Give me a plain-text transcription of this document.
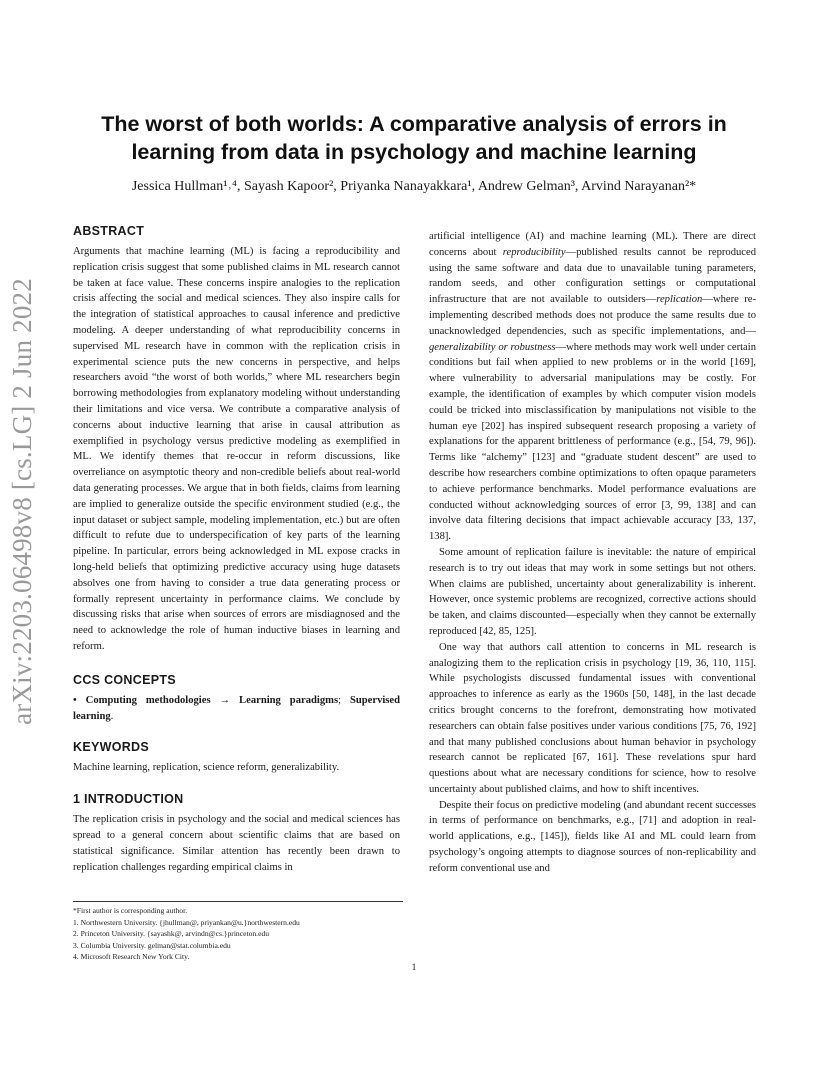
arXiv:2203.06498v8 [cs.LG] 2 Jun 2022
The worst of both worlds: A comparative analysis of errors in learning from data in psychology and machine learning
Jessica Hullman¹˒⁴, Sayash Kapoor², Priyanka Nanayakkara¹, Andrew Gelman³, Arvind Narayanan²*
ABSTRACT

Arguments that machine learning (ML) is facing a reproducibility and replication crisis suggest that some published claims in ML research cannot be taken at face value. These concerns inspire analogies to the replication crisis affecting the social and medical sciences. They also inspire calls for the integration of statistical approaches to causal inference and predictive modeling. A deeper understanding of what reproducibility concerns in supervised ML research have in common with the replication crisis in experimental science puts the new concerns in perspective, and helps researchers avoid “the worst of both worlds,” where ML researchers begin borrowing methodologies from explanatory modeling without understanding their limitations and vice versa. We contribute a comparative analysis of concerns about inductive learning that arise in causal attribution as exemplified in psychology versus predictive modeling as exemplified in ML. We identify themes that re-occur in reform discussions, like overreliance on asymptotic theory and non-credible beliefs about real-world data generating processes. We argue that in both fields, claims from learning are implied to generalize outside the specific environment studied (e.g., the input dataset or subject sample, modeling implementation, etc.) but are often difficult to refute due to underspecification of key parts of the learning pipeline. In particular, errors being acknowledged in ML expose cracks in long-held beliefs that optimizing predictive accuracy using huge datasets absolves one from having to consider a true data generating process or formally represent uncertainty in performance claims. We conclude by discussing risks that arise when sources of errors are misdiagnosed and the need to acknowledge the role of human inductive biases in learning and reform.

CCS CONCEPTS

• Computing methodologies → Learning paradigms; Supervised learning.

KEYWORDS

Machine learning, replication, science reform, generalizability.

1 INTRODUCTION

The replication crisis in psychology and the social and medical sciences has spread to a general concern about scientific claims that are based on statistical significance. Similar attention has recently been drawn to replication challenges regarding empirical claims in

artificial intelligence (AI) and machine learning (ML). There are direct concerns about reproducibility—published results cannot be reproduced using the same software and data due to unavailable tuning parameters, random seeds, and other configuration settings or computational infrastructure that are not available to outsiders—replication—where re-implementing described methods does not produce the same results due to unacknowledged dependencies, such as specific implementations, and—generalizability or robustness—where methods may work well under certain conditions but fail when applied to new problems or in the world [169], where vulnerability to adversarial manipulations may be costly. For example, the identification of examples by which computer vision models could be tricked into misclassification by manipulations not visible to the human eye [202] has inspired subsequent research proposing a variety of explanations for the apparent brittleness of performance (e.g., [54, 79, 96]). Terms like “alchemy” [123] and “graduate student descent” are used to describe how researchers combine optimizations to often opaque parameters to achieve performance benchmarks. Model performance evaluations are conducted without acknowledging sources of error [3, 99, 138] and can involve data filtering decisions that impact achievable accuracy [33, 137, 138].

Some amount of replication failure is inevitable: the nature of empirical research is to try out ideas that may work in some settings but not others. When claims are published, uncertainty about generalizability is inherent. However, once systemic problems are recognized, corrective actions should be taken, and claims discounted—especially when they cannot be externally reproduced [42, 85, 125].

One way that authors call attention to concerns in ML research is analogizing them to the replication crisis in psychology [19, 36, 110, 115]. While psychologists discussed fundamental issues with conventional approaches to inference as early as the 1960s [50, 148], in the last decade critics brought concerns to the forefront, demonstrating how motivated researchers can obtain false positives under various conditions [75, 76, 192] and that many published conclusions about human behavior in psychology research cannot be replicated [67, 161]. These revelations spur hard questions about what are necessary conditions for science, how to resolve uncertainty about published claims, and how to shift incentives.

Despite their focus on predictive modeling (and abundant recent successes in terms of performance on benchmarks, e.g., [71] and adoption in real-world applications, e.g., [145]), fields like AI and ML could learn from psychology’s ongoing attempts to diagnose sources of non-replicability and reform conventional use and

*First author is corresponding author.
1. Northwestern University. {jhullman@, priyankan@u.}northwestern.edu
2. Princeton University. {sayashk@, arvindn@cs.}princeton.edu
3. Columbia University. gelman@stat.columbia.edu
4. Microsoft Research New York City.
1
